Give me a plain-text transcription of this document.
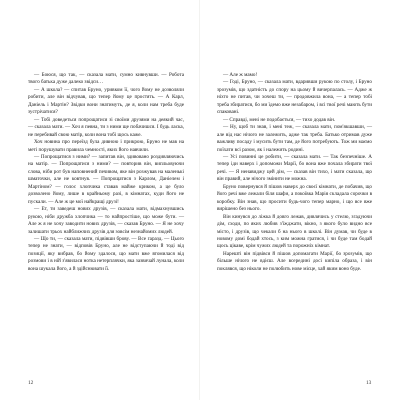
— Боюся, що так, — сказала мати, сумно кивнувши. — Робота твого батька дуже далеко звідси…

— А школа? — спитав Бруно, уривком її, чого йому не дозволяли робити, але він відчував, що тепер йому це простять. — А Карл, Даніель і Мартін? Звідки вони знатимуть, де я, коли нам треба буде зустрічатися?

— Тобі доведеться попрощатися зі своїми друзями на деякий час, — сказала мати. — Хоч я певна, ти з ними ще побачишся. І будь ласка, не перебивай свою матір, коли вона тобі щось каже.

Хоч новина про переїзд була дивною і прикрою, Бруно не мав на меті порушувати правила чемності, яких його навчили.

— Попрощатися з ними? — запитав він, здивовано роздивляючись на матір. — Попрощатися з ними? — повторив він, випльовуючи слова, ніби рот був наповнений печивом, яке він розжував на маленькі шматочки, але не ковтнув. — Попрощатися з Карлом, Даніелем і Мартіном? — голос хлопчика ставав майже криком, а це було дозволено йому, лише в крайньому разі, в кімнатах, куди його не пускали. — Але ж це мої найкращі друзі!

— Ет, ти заведеш нових друзів, — сказала мати, відмахнувшись рукою, ніби дружба хлопчика — то найпростіше, що може бути. — Але ж я не хочу заводити нових друзів, — сказав Бруно. — Я не хочу залишати трьох найближчих друзів для зовсім незнайомих людей.

— Що ти, — сказала мати, підвівши брову. — Все гаразд. — Цього тепер не знати, — відповів Бруно, але не відступаючи й тоді від позиції, яку вибрав, бо йому здалося, що мати вже втомилася від розмови і в ній з'явилася нотка нетерплячки, яка зазвичай лунала, коли вона шукала його, а й здійснювати її.

12

— Але ж мамо!

— Годі, Бруно, — сказала мати, вдаривши рукою по столу, і Бруно зрозумів, що здатність до спору на цьому й вичерпалась. — Адже ж ніхто не питав, чи хочеш ти, — продовжила вона, — а тепер тобі треба збиратися, бо ми їдемо вже незабаром, і всі твої речі мають бути спаковані.

— Справді, мені не подобається, — тихо додав він.

— Ну, щоб ти знав, і мені теж, — сказала мати, пом'якшавши, — але від нас нічого не залежить, адже так треба. Батько отримав дуже важливу посаду і мусить бути там, де його потребують. Тож ми маємо поїхати всі разом, як і належить родині.

— Усі повинні це робити, — сказала мати. — Так безпечніше. А тепер іди наверх і допоможи Марії, бо вона вже почала збирати твої речі. — Я ненавиджу цей дім, — сказав він тихо, і мати сказала, що він правий, але нічого змінити не можна.

Бруно повернувся й пішов наверх до своєї кімнати, де побачив, що його речі вже лежали біля шафи, а покоївка Марія складала сорочки в коробку. Він знав, що просити будь-чого тепер марно, і що все вже вирішено без нього.

Він кинувся до ліжка й довго лежав, дивлячись у стелю, згадуючи дім, сходи, по яких любив з'їжджати, вікно, з якого було видно все місто, і друзів, що чекали б на нього в школі. Він думав, чи буде в новому домі бодай хтось, з ким можна гратися, і чи буде там бодай щось цікаве, крім чужих людей та порожніх кімнат.

Нарешті він підвівся й пішов допомагати Марії, бо зрозумів, що більше нічого не вдієш. Але всередині досі кипіла образа, і він поклявся, що ніколи не полюбить нове місце, хай яким воно буде.

13
